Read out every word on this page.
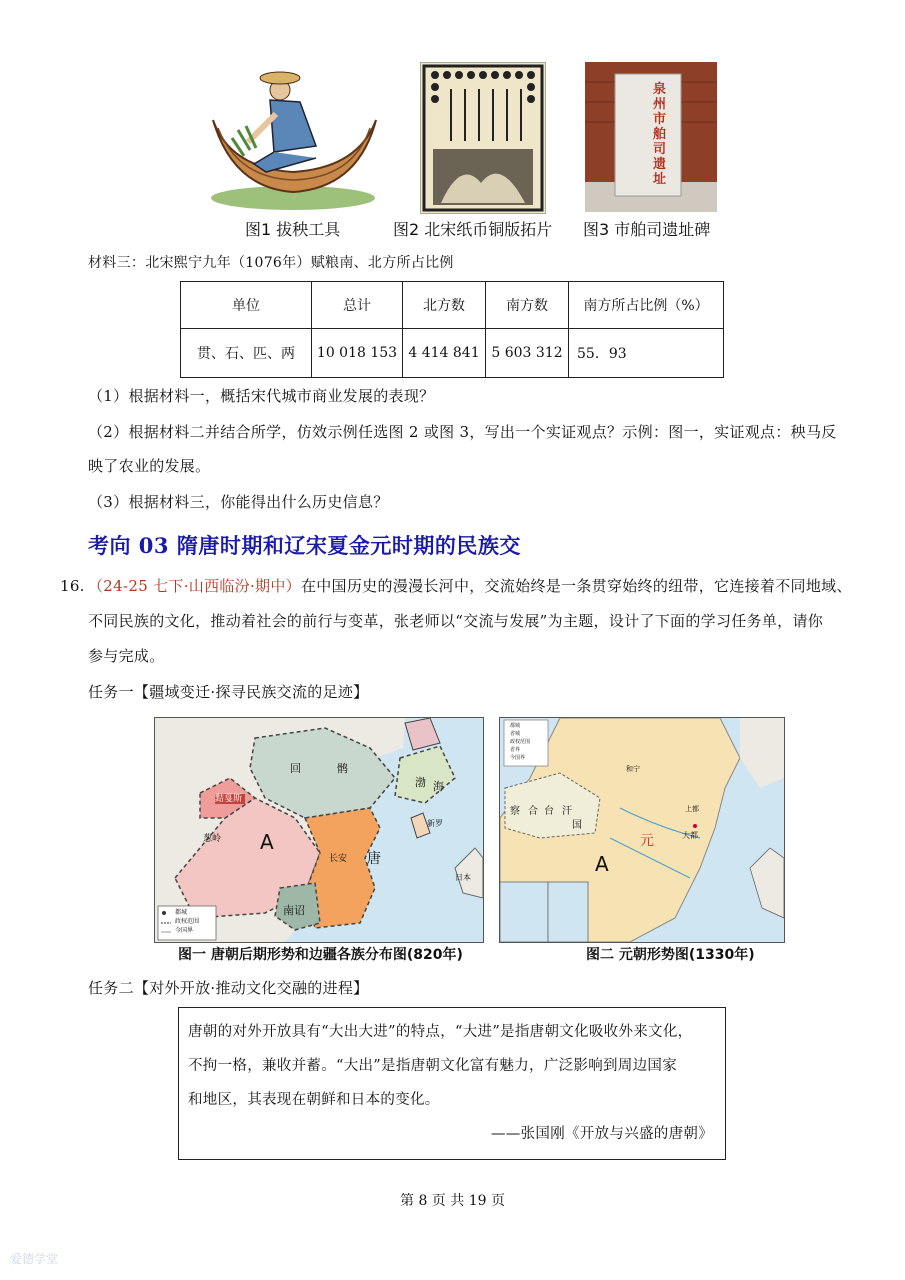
泉州市舶司遗址
图1 拔秧工具	图2 北宋纸币铜版拓片 图3 市舶司遗址碑
材料三：北宋熙宁九年（1076年）赋粮南、北方所占比例
单位	总计	北方数	南方数	南方所占比例（%）
贯、石、匹、两	10 018 153	4 414 841	5 603 312	55．93
（1）根据材料一，概括宋代城市商业发展的表现？
（2）根据材料二并结合所学，仿效示例任选图 2 或图 3，写出一个实证观点？示例：图一，实证观点：秧马反
映了农业的发展。
（3）根据材料三，你能得出什么历史信息？
考向 03 隋唐时期和辽宋夏金元时期的民族交
16. （24-25 七下·山西临汾·期中）在中国历史的漫漫长河中，交流始终是一条贯穿始终的纽带，它连接着不同地域、
不同民族的文化，推动着社会的前行与变革，张老师以“交流与发展”为主题，设计了下面的学习任务单，请你
参与完成。
任务一【疆域变迁·探寻民族交流的足迹】
回	鹘
黠戛斯
葱岭 A
长安 唐
南诏
渤 海
新罗
日本
都城
政权范围
今国界
图一 唐朝后期形势和边疆各族分布图(820年)
察 合 台 汗
国
元	大都
A
上都
和宁
都城
省城
政权范围
省界
今国界
图二 元朝形势图(1330年)
任务二【对外开放·推动文化交融的进程】
唐朝的对外开放具有“大出大进”的特点，“大进”是指唐朝文化吸收外来文化，
不拘一格，兼收并蓄。“大出”是指唐朝文化富有魅力，广泛影响到周边国家
和地区，其表现在朝鲜和日本的变化。
——张国刚《开放与兴盛的唐朝》
第 8 页 共 19 页
爱德学堂
